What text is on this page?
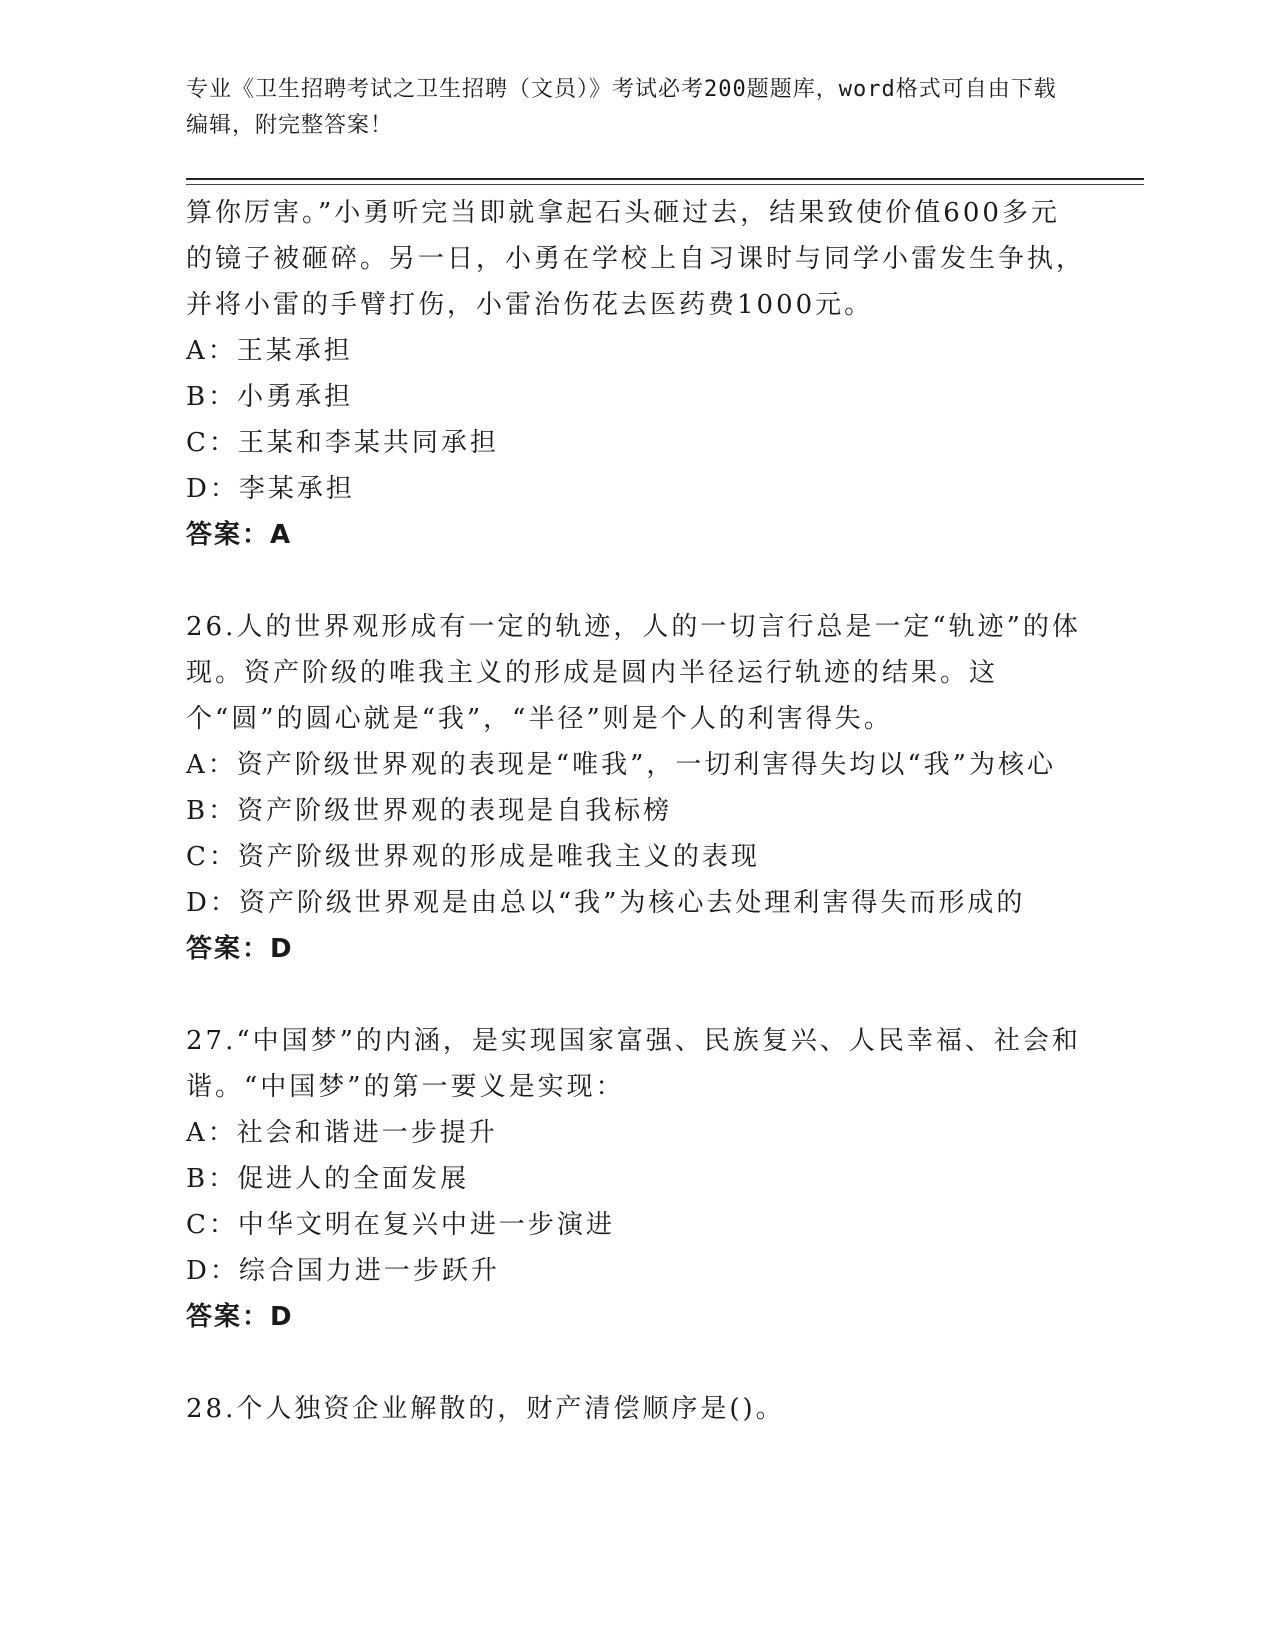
专业《卫生招聘考试之卫生招聘（文员）》考试必考200题题库，word格式可自由下载编辑，附完整答案！

算你厉害。”小勇听完当即就拿起石头砸过去，结果致使价值600多元的镜子被砸碎。另一日，小勇在学校上自习课时与同学小雷发生争执，并将小雷的手臂打伤，小雷治伤花去医药费1000元。

A：王某承担

B：小勇承担

C：王某和李某共同承担

D：李某承担

答案：A

26.人的世界观形成有一定的轨迹，人的一切言行总是一定“轨迹”的体现。资产阶级的唯我主义的形成是圆内半径运行轨迹的结果。这个“圆”的圆心就是“我”，“半径”则是个人的利害得失。

A：资产阶级世界观的表现是“唯我”，一切利害得失均以“我”为核心

B：资产阶级世界观的表现是自我标榜

C：资产阶级世界观的形成是唯我主义的表现

D：资产阶级世界观是由总以“我”为核心去处理利害得失而形成的

答案：D

27.“中国梦”的内涵，是实现国家富强、民族复兴、人民幸福、社会和谐。“中国梦”的第一要义是实现：

A：社会和谐进一步提升

B：促进人的全面发展

C：中华文明在复兴中进一步演进

D：综合国力进一步跃升

答案：D

28.个人独资企业解散的，财产清偿顺序是()。
